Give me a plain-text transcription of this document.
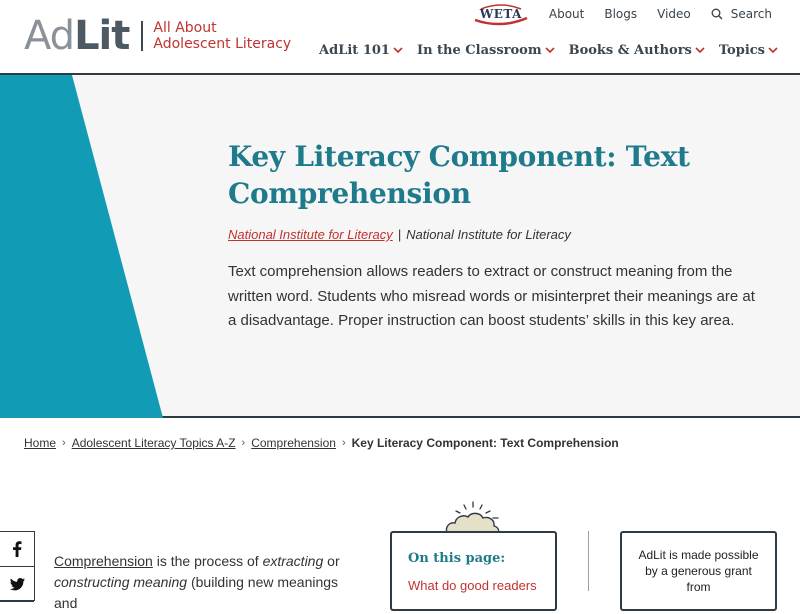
AdLit All About
Adolescent Literacy
WETA About Blogs Video	Search
AdLit 101 In the Classroom Books & Authors Topics
Key Literacy Component: Text Comprehension
National Institute for Literacy | National Institute for Literacy

Text comprehension allows readers to extract or construct meaning from the written word. Students who misread words or misinterpret their meanings are at a disadvantage. Proper instruction can boost students’ skills in this key area.

Home › Adolescent Literacy Topics A-Z › Comprehension › Key Literacy Component: Text Comprehension

Comprehension is the process of extracting or constructing meaning (building new meanings and

On this page:
What do good readers
AdLit is made possible
by a generous grant
from
